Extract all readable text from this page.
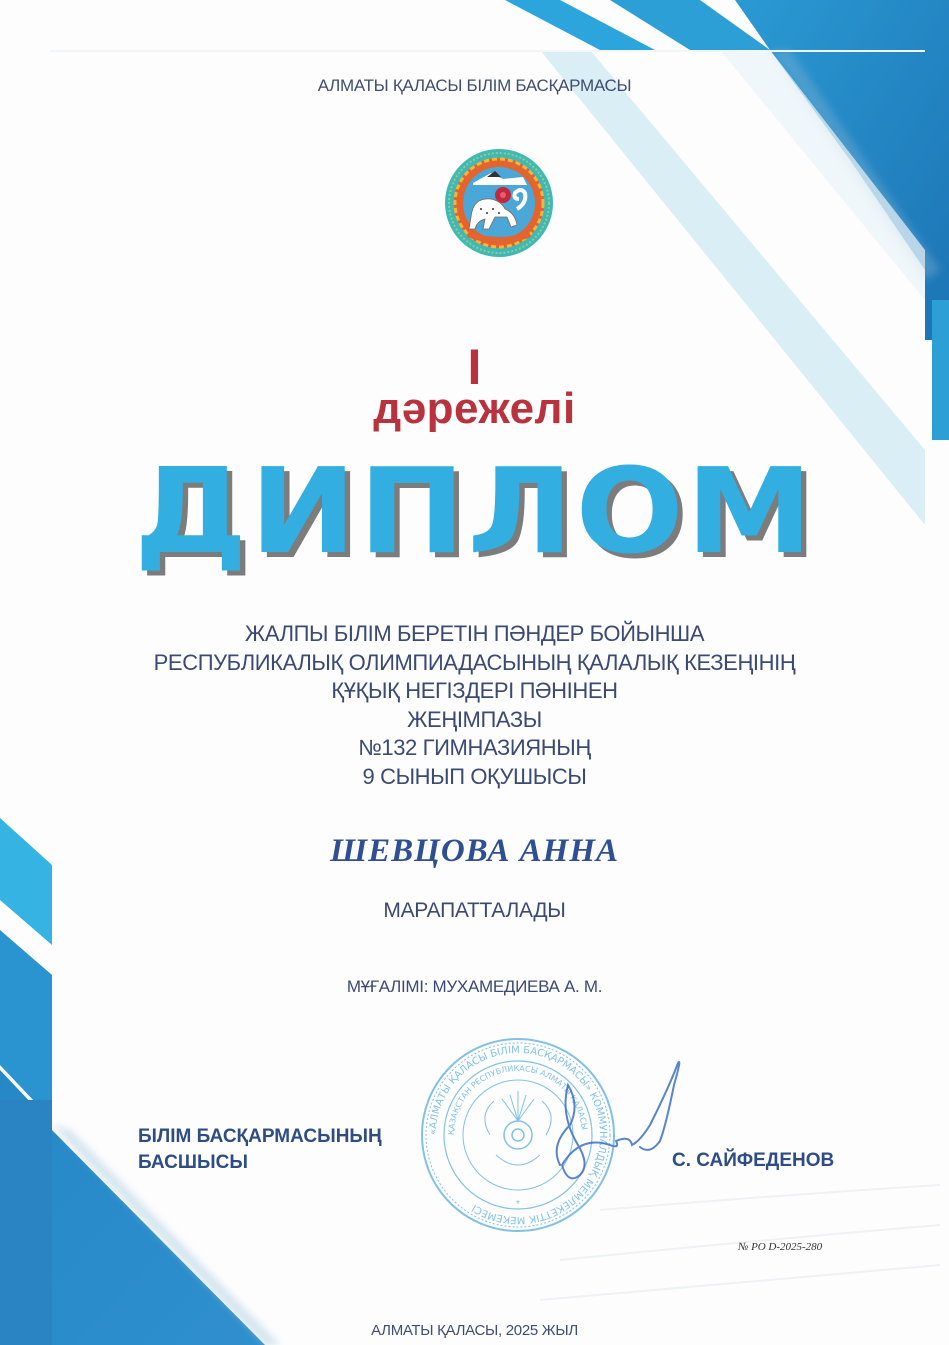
АЛМАТЫ ҚАЛАСЫ БІЛІМ БАСҚАРМАСЫ
I
дәрежелі
ДИПЛОМ
ЖАЛПЫ БІЛІМ БЕРЕТІН ПӘНДЕР БОЙЫНША
РЕСПУБЛИКАЛЫҚ ОЛИМПИАДАСЫНЫҢ ҚАЛАЛЫҚ КЕЗЕҢІНІҢ
ҚҰҚЫҚ НЕГІЗДЕРІ ПӘНІНЕН
ЖЕҢІМПАЗЫ
№132 ГИМНАЗИЯНЫҢ
9 СЫНЫП ОҚУШЫСЫ
ШЕВЦОВА АННА
МАРАПАТТАЛАДЫ
МҰҒАЛІМІ: МУХАМЕДИЕВА А. М.
БІЛІМ БАСҚАРМАСЫНЫҢ
БАСШЫСЫ
«АЛМАТЫ ҚАЛАСЫ БІЛІМ БАСҚАРМАСЫ» КОММУНАЛДЫҚ МЕМЛЕКЕТТІК МЕКЕМЕСІ
ҚАЗАҚСТАН РЕСПУБЛИКАСЫ АЛМАТЫ ҚАЛАСЫ
*
С. САЙФЕДЕНОВ
№ РО D-2025-280
АЛМАТЫ ҚАЛАСЫ, 2025 ЖЫЛ
